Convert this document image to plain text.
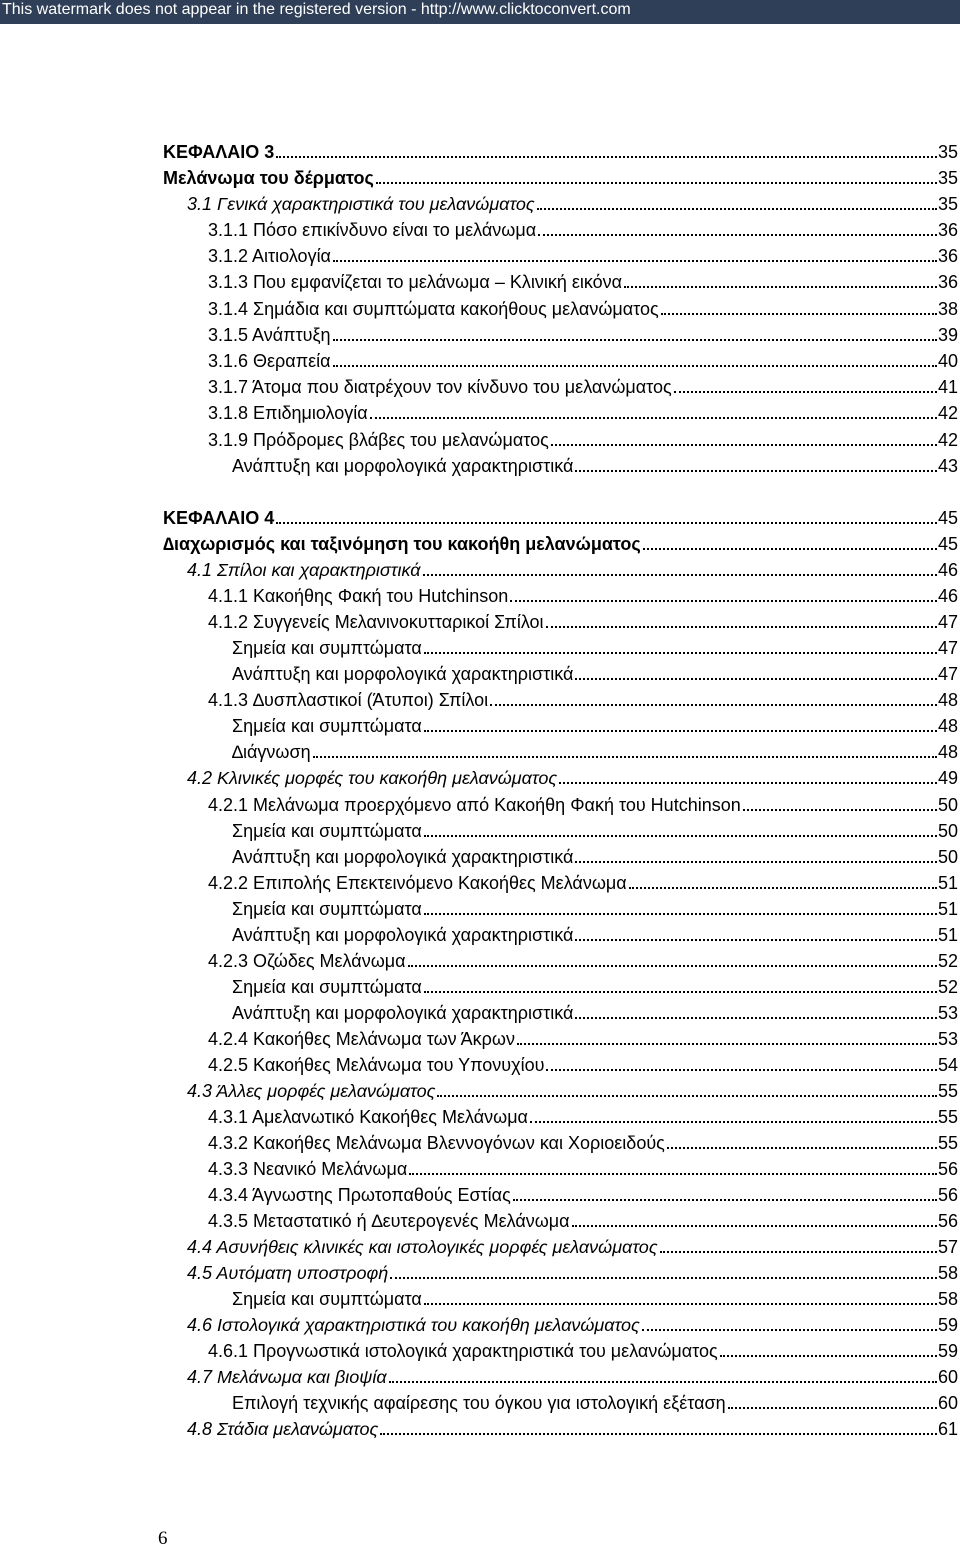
This watermark does not appear in the registered version - http://www.clicktoconvert.com
ΚΕΦΑΛΑΙΟ 3	35
Μελάνωμα του δέρματος	35
3.1 Γενικά χαρακτηριστικά του μελανώματος	35
3.1.1 Πόσο επικίνδυνο είναι το μελάνωμα	36
3.1.2 Αιτιολογία	36
3.1.3 Που εμφανίζεται το μελάνωμα – Κλινική εικόνα	36
3.1.4 Σημάδια και συμπτώματα κακοήθους μελανώματος	38
3.1.5 Ανάπτυξη	39
3.1.6 Θεραπεία	40
3.1.7 Άτομα που διατρέχουν τον κίνδυνο του μελανώματος	41
3.1.8 Επιδημιολογία	42
3.1.9 Πρόδρομες βλάβες του μελανώματος	42
Ανάπτυξη και μορφολογικά χαρακτηριστικά	43
ΚΕΦΑΛΑΙΟ 4	45
∆ιαχωρισμός και ταξινόμηση του κακοήθη μελανώματος	45
4.1 Σπίλοι και χαρακτηριστικά	46
4.1.1 Κακοήθης Φακή του Hutchinson	46
4.1.2 Συγγενείς Μελανινοκυτταρικοί Σπίλοι	47
Σημεία και συμπτώματα	47
Ανάπτυξη και μορφολογικά χαρακτηριστικά	47
4.1.3 ∆υσπλαστικοί (Άτυποι) Σπίλοι	48
Σημεία και συμπτώματα	48
∆ιάγνωση	48
4.2 Κλινικές μορφές του κακοήθη μελανώματος	49
4.2.1 Μελάνωμα προερχόμενο από Κακοήθη Φακή του Hutchinson	50
Σημεία και συμπτώματα	50
Ανάπτυξη και μορφολογικά χαρακτηριστικά	50
4.2.2 Επιπολής Επεκτεινόμενο Κακοήθες Μελάνωμα	51
Σημεία και συμπτώματα	51
Ανάπτυξη και μορφολογικά χαρακτηριστικά	51
4.2.3 Οζώδες Μελάνωμα	52
Σημεία και συμπτώματα	52
Ανάπτυξη και μορφολογικά χαρακτηριστικά	53
4.2.4 Κακοήθες Μελάνωμα των Άκρων	53
4.2.5 Κακοήθες Μελάνωμα του Υπονυχίου	54
4.3 Άλλες μορφές μελανώματος	55
4.3.1 Αμελανωτικό Κακοήθες Μελάνωμα	55
4.3.2 Κακοήθες Μελάνωμα Βλεννογόνων και Χοριοειδούς	55
4.3.3 Νεανικό Μελάνωμα	56
4.3.4 Άγνωστης Πρωτοπαθούς Εστίας	56
4.3.5 Μεταστατικό ή ∆ευτερογενές Μελάνωμα	56
4.4 Ασυνήθεις κλινικές και ιστολογικές μορφές μελανώματος	57
4.5 Αυτόματη υποστροφή	58
Σημεία και συμπτώματα	58
4.6 Ιστολογικά χαρακτηριστικά του κακοήθη μελανώματος	59
4.6.1 Προγνωστικά ιστολογικά χαρακτηριστικά του μελανώματος	59
4.7 Μελάνωμα και βιοψία	60
Επιλογή τεχνικής αφαίρεσης του όγκου για ιστολογική εξέταση	60
4.8 Στάδια μελανώματος	61
6
